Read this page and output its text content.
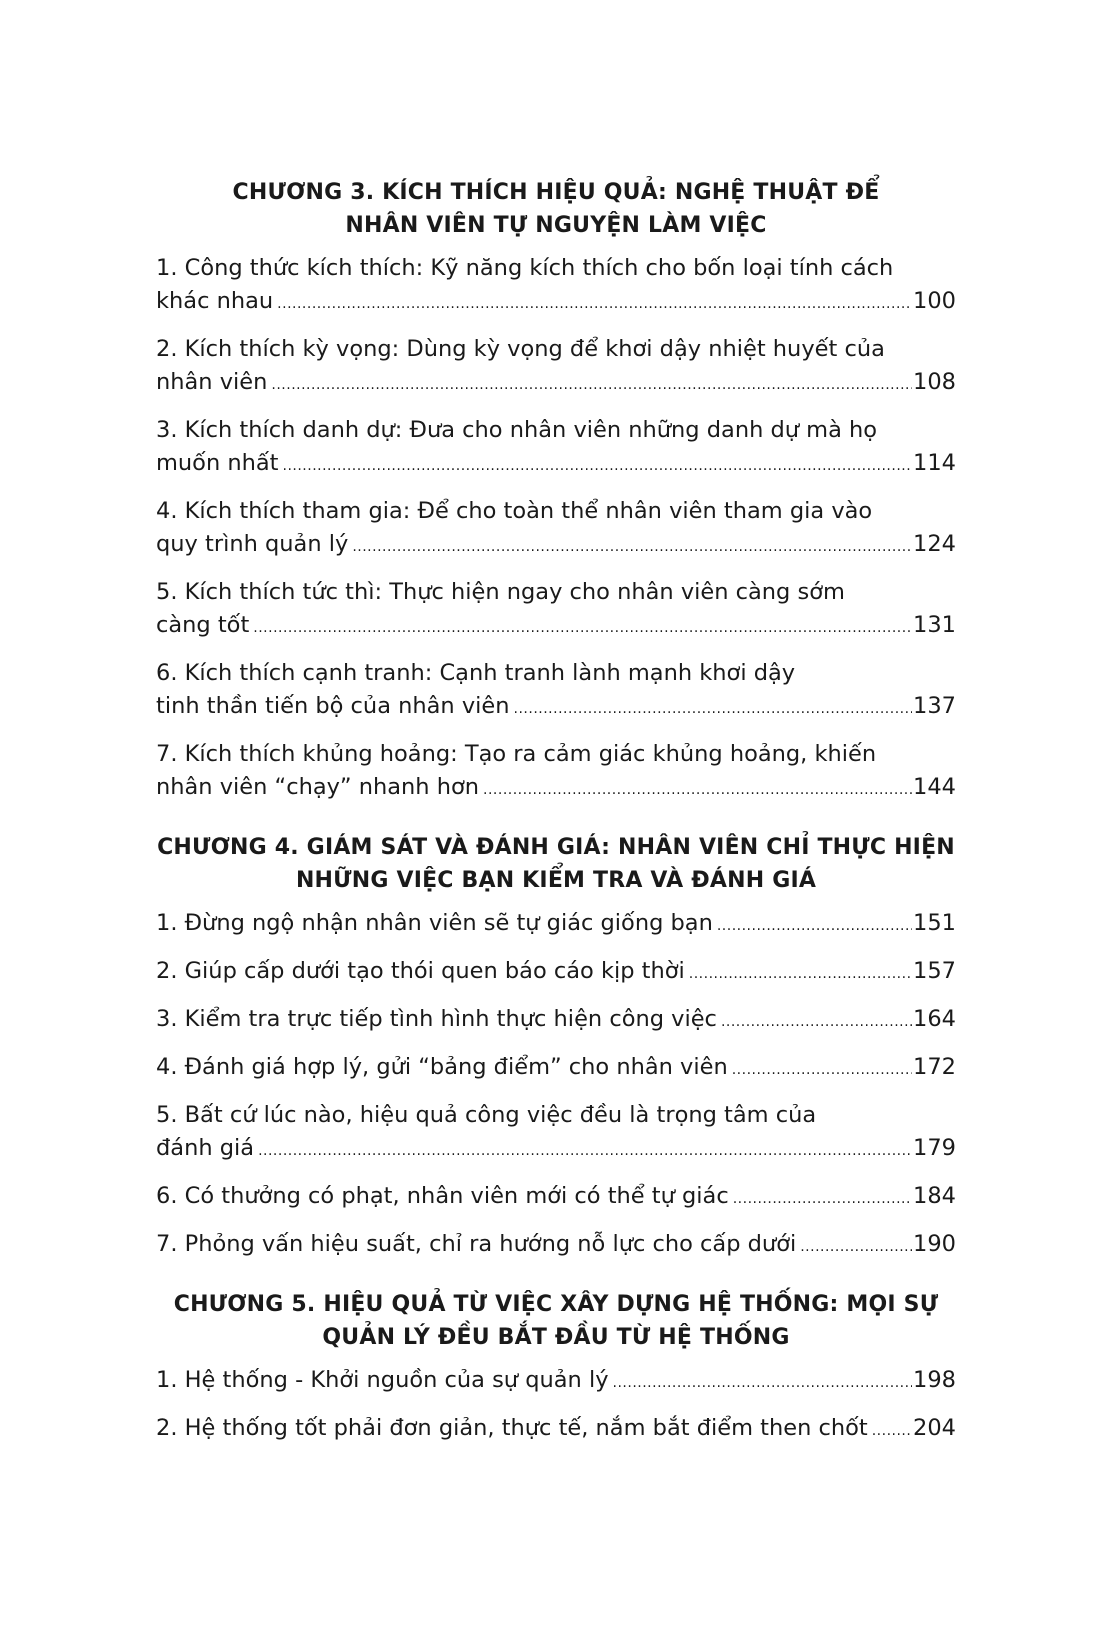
CHƯƠNG 3. KÍCH THÍCH HIỆU QUẢ: NGHỆ THUẬT ĐỂ
NHÂN VIÊN TỰ NGUYỆN LÀM VIỆC
1. Công thức kích thích: Kỹ năng kích thích cho bốn loại tính cách
khác nhau .....	100
2. Kích thích kỳ vọng: Dùng kỳ vọng để khơi dậy nhiệt huyết của
nhân viên .....	108
3. Kích thích danh dự: Đưa cho nhân viên những danh dự mà họ
muốn nhất .....	114
4. Kích thích tham gia: Để cho toàn thể nhân viên tham gia vào
quy trình quản lý .....	124
5. Kích thích tức thì: Thực hiện ngay cho nhân viên càng sớm
càng tốt .....	131
6. Kích thích cạnh tranh: Cạnh tranh lành mạnh khơi dậy
tinh thần tiến bộ của nhân viên .....	137
7. Kích thích khủng hoảng: Tạo ra cảm giác khủng hoảng, khiến
nhân viên “chạy” nhanh hơn .....	144
CHƯƠNG 4. GIÁM SÁT VÀ ĐÁNH GIÁ: NHÂN VIÊN CHỈ THỰC HIỆN
NHỮNG VIỆC BẠN KIỂM TRA VÀ ĐÁNH GIÁ
1. Đừng ngộ nhận nhân viên sẽ tự giác giống bạn .....	151
2. Giúp cấp dưới tạo thói quen báo cáo kịp thời .....	157
3. Kiểm tra trực tiếp tình hình thực hiện công việc .....	164
4. Đánh giá hợp lý, gửi “bảng điểm” cho nhân viên .....	172
5. Bất cứ lúc nào, hiệu quả công việc đều là trọng tâm của
đánh giá .....	179
6. Có thưởng có phạt, nhân viên mới có thể tự giác .....	184
7. Phỏng vấn hiệu suất, chỉ ra hướng nỗ lực cho cấp dưới .....	190
CHƯƠNG 5. HIỆU QUẢ TỪ VIỆC XÂY DỰNG HỆ THỐNG: MỌI SỰ
QUẢN LÝ ĐỀU BẮT ĐẦU TỪ HỆ THỐNG
1. Hệ thống - Khởi nguồn của sự quản lý .....	198
2. Hệ thống tốt phải đơn giản, thực tế, nắm bắt điểm then chốt ..... 204
